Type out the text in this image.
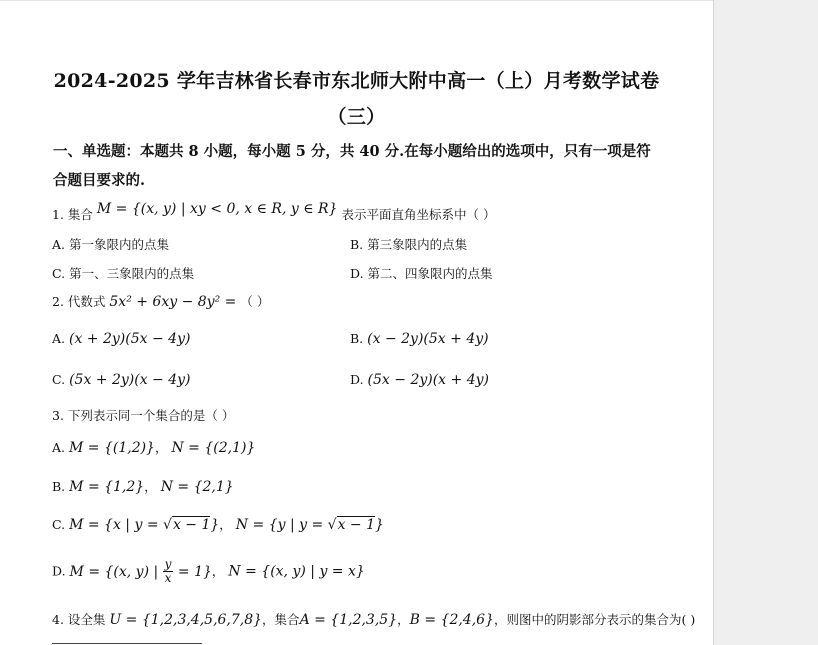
2024-2025 学年吉林省长春市东北师大附中高一（上）月考数学试卷
（三）
一、单选题：本题共 8 小题，每小题 5 分，共 40 分.在每小题给出的选项中，只有一项是符
合题目要求的.
1. 集合 M = {(x, y) | xy < 0, x ∈ R, y ∈ R} 表示平面直角坐标系中（ ）
A. 第一象限内的点集	B. 第三象限内的点集
C. 第一、三象限内的点集	D. 第二、四象限内的点集
2. 代数式 5x² + 6xy − 8y² = （ ）
A. (x + 2y)(5x − 4y)	B. (x − 2y)(5x + 4y)
C. (5x + 2y)(x − 4y)	D. (5x − 2y)(x + 4y)
3. 下列表示同一个集合的是（ ）
A. M = {(1,2)}， N = {(2,1)}
B. M = {1,2}， N = {2,1}
C. M = {x | y = √x − 1}， N = {y | y = √x − 1}
D. M = {(x, y) | $\frac{y}{x} = 1$}， N = {(x, y) | y = x}
4. 设全集 U = {1,2,3,4,5,6,7,8}，集合A = {1,2,3,5}，B = {2,4,6}，则图中的阴影部分表示的集合为( )
